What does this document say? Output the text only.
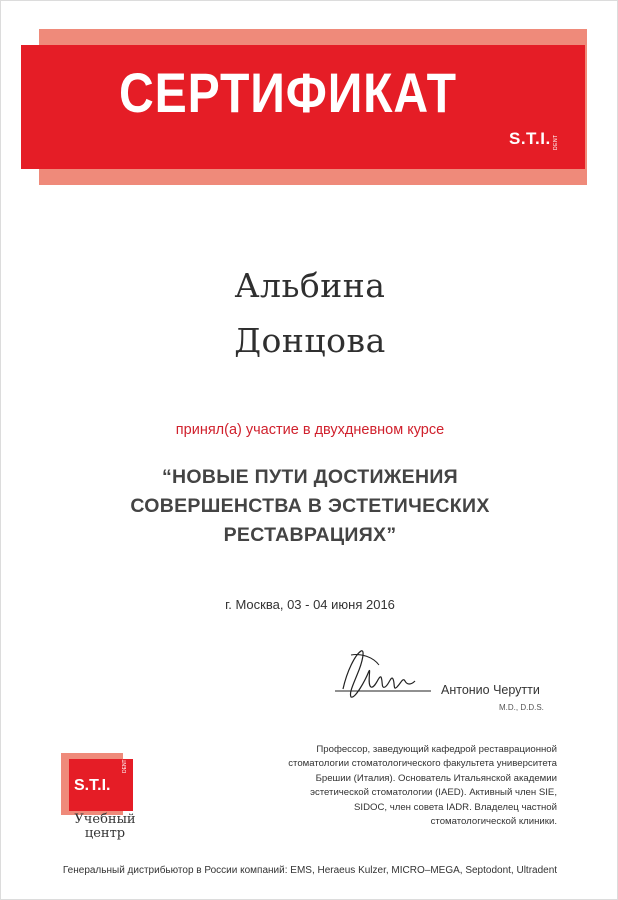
СЕРТИФИКАТ
S.T.I. DENT
Альбина
Донцова
принял(а) участие в двухдневном курсе
“НОВЫЕ ПУТИ ДОСТИЖЕНИЯ
СОВЕРШЕНСТВА В ЭСТЕТИЧЕСКИХ
РЕСТАВРАЦИЯХ”
г. Москва, 03 - 04 июня 2016
Антонио Черутти
M.D., D.D.S.
Профессор, заведующий кафедрой реставрационной
стоматологии стоматологического факультета университета
Брешии (Италия). Основатель Итальянской академии
эстетической стоматологии (IAED). Активный член SIE,
SIDOC, член совета IADR. Владелец частной
стоматологической клиники.
S.T.I.
DENT
Учебный
центр
Генеральный дистрибьютор в России компаний: EMS, Heraeus Kulzer, MICRO–MEGA, Septodont, Ultradent
